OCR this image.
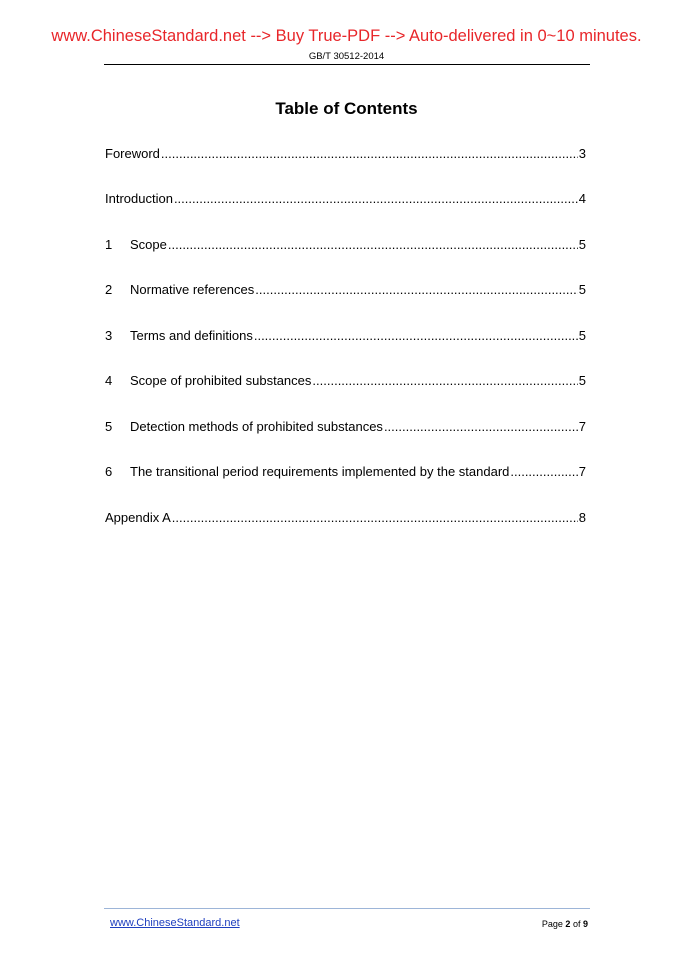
www.ChineseStandard.net --> Buy True-PDF --> Auto-delivered in 0~10 minutes.
GB/T 30512-2014
Table of Contents
Foreword .....	3
Introduction .....	4
1	Scope .....	5
2	Normative references .....	5
3	Terms and definitions .....	5
4	Scope of prohibited substances .....	5
5	Detection methods of prohibited substances .....	7
6	The transitional period requirements implemented by the standard .....	7
Appendix A .....	8
www.ChineseStandard.net	Page 2 of 9
